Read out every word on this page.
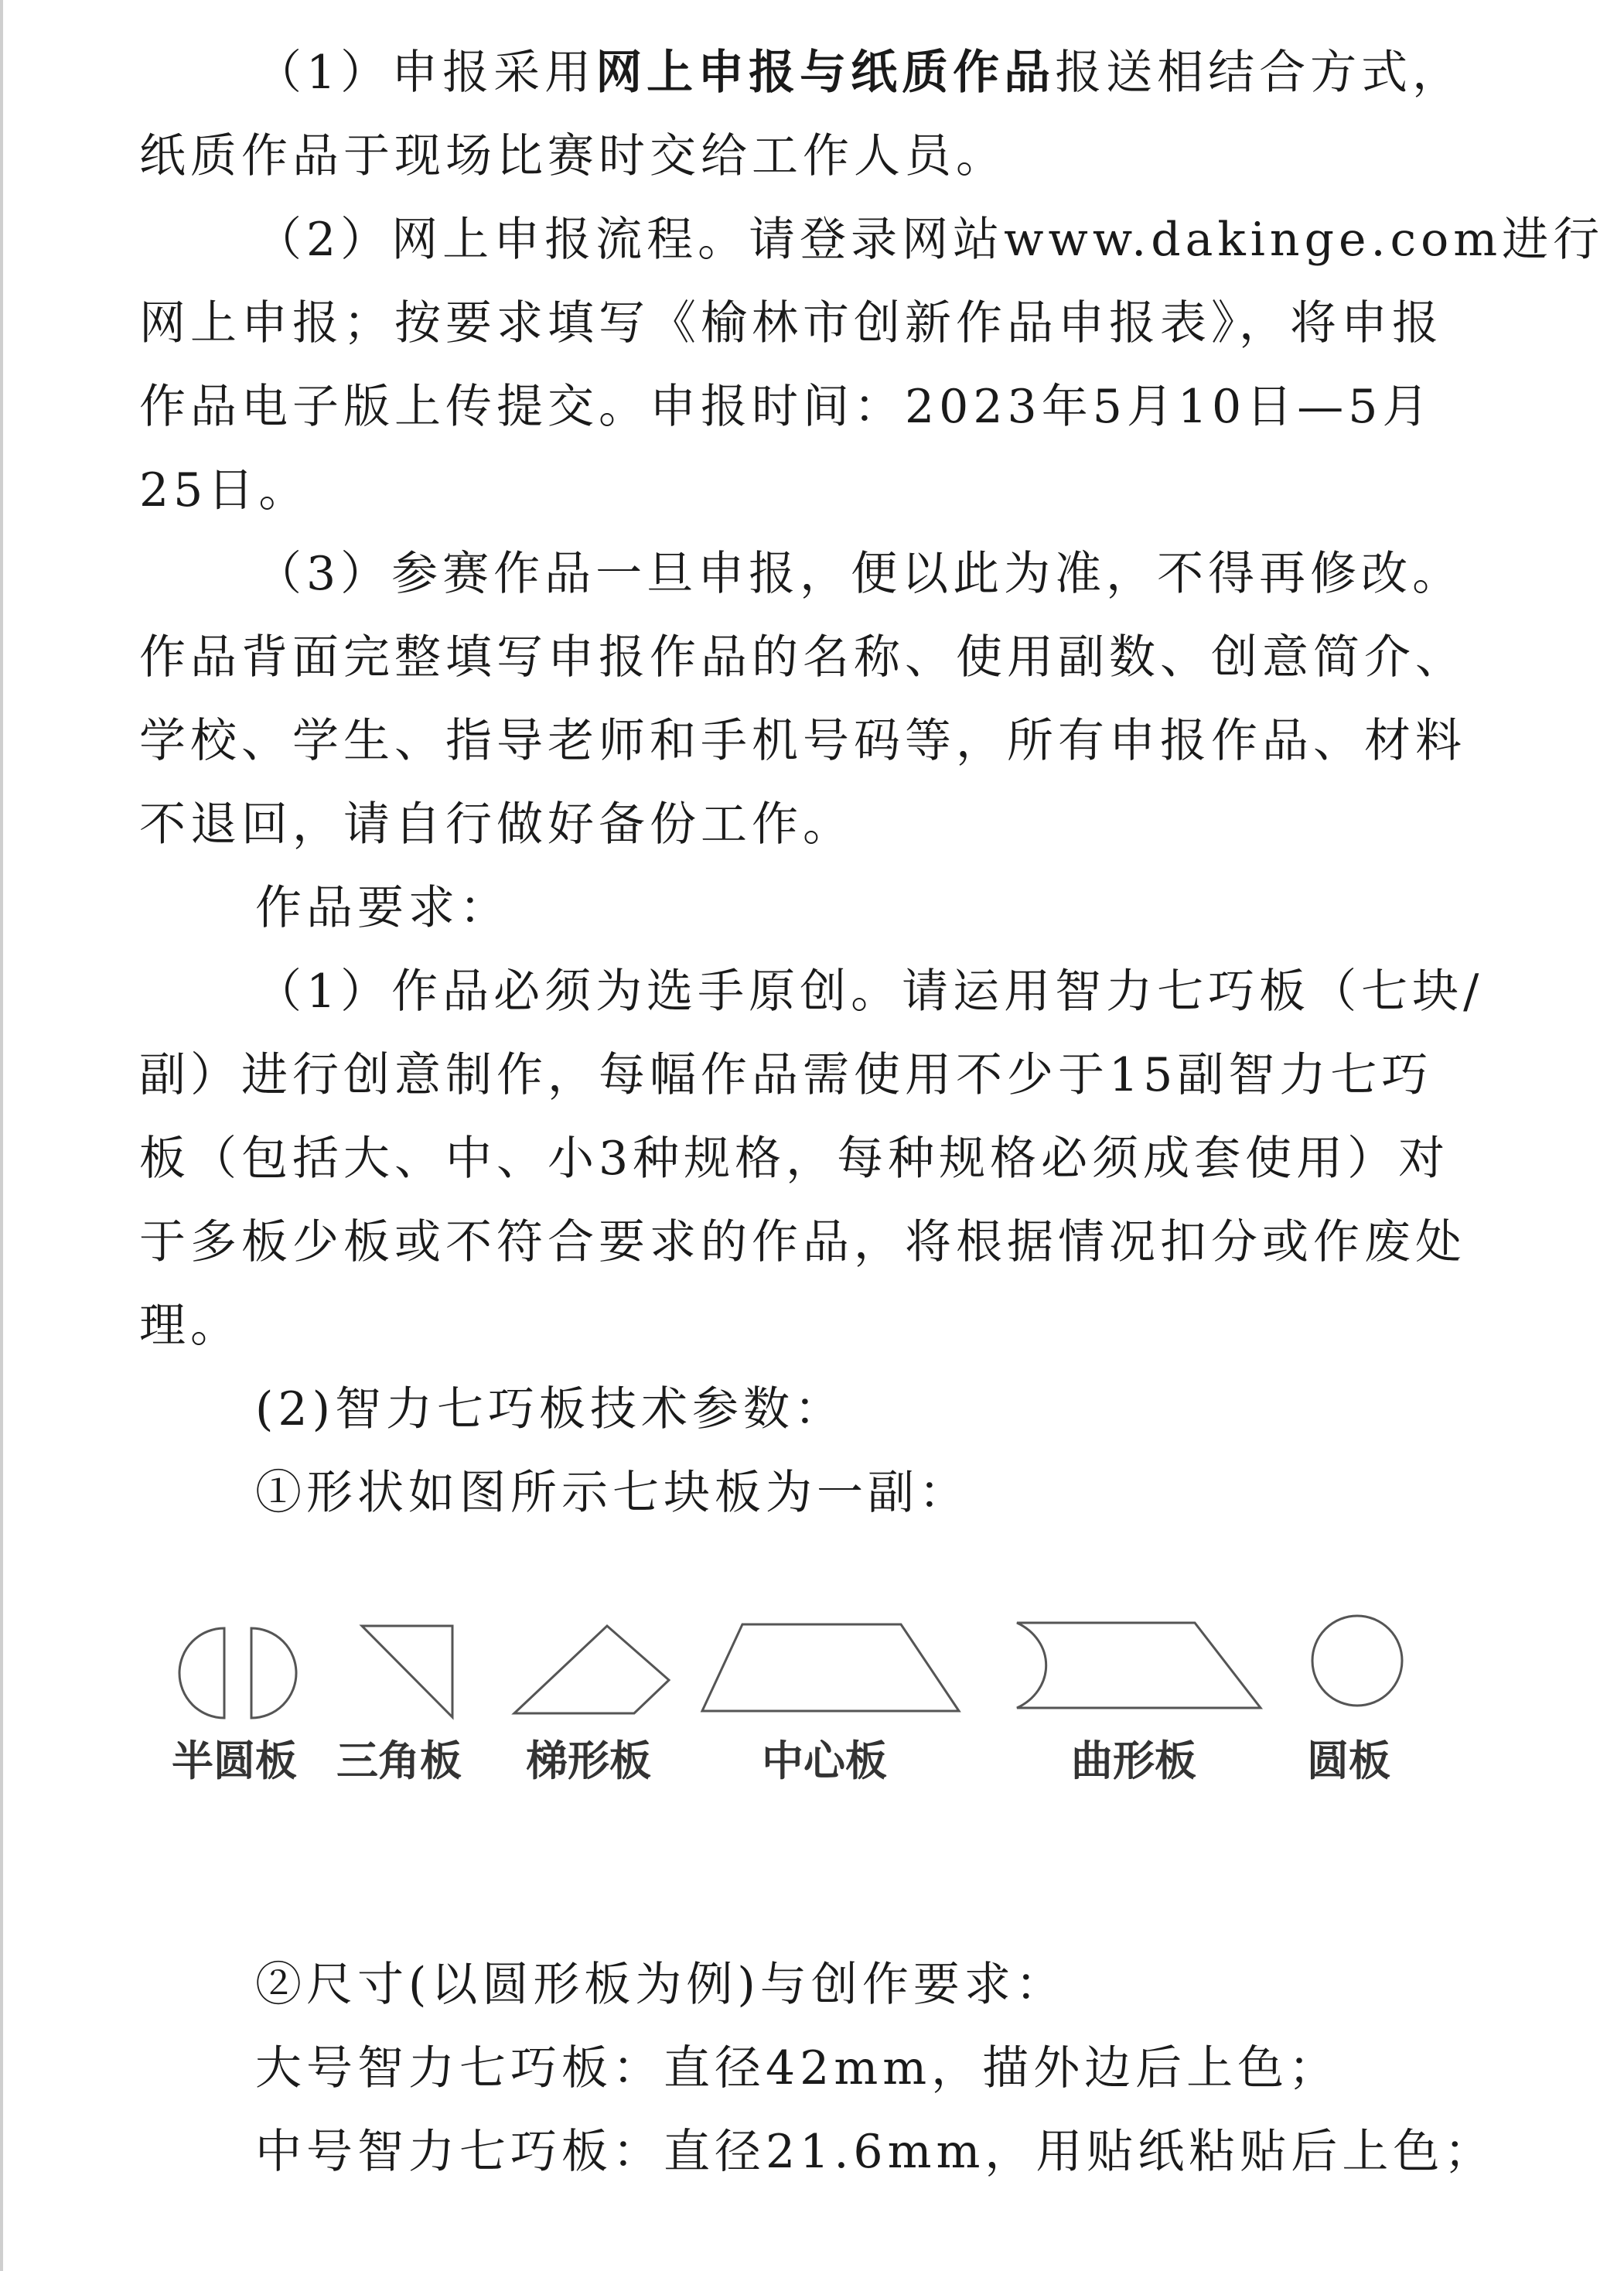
（1）申报采用网上申报与纸质作品报送相结合方式，
纸质作品于现场比赛时交给工作人员。
（2）网上申报流程。请登录网站www.dakinge.com进行
网上申报；按要求填写《榆林市创新作品申报表》，将申报
作品电子版上传提交。申报时间：2023年5月10日—5月
25日。
（3）参赛作品一旦申报，便以此为准，不得再修改。
作品背面完整填写申报作品的名称、使用副数、创意简介、
学校、学生、指导老师和手机号码等，所有申报作品、材料
不退回，请自行做好备份工作。
作品要求：
（1）作品必须为选手原创。请运用智力七巧板（七块/
副）进行创意制作，每幅作品需使用不少于15副智力七巧
板（包括大、中、小3种规格，每种规格必须成套使用）对
于多板少板或不符合要求的作品，将根据情况扣分或作废处
理。
(2)智力七巧板技术参数：
①形状如图所示七块板为一副：
半圆板 三角板 梯形板	中心板	曲形板	圆板
②尺寸(以圆形板为例)与创作要求：
大号智力七巧板：直径42mm，描外边后上色；
中号智力七巧板：直径21.6mm，用贴纸粘贴后上色；
